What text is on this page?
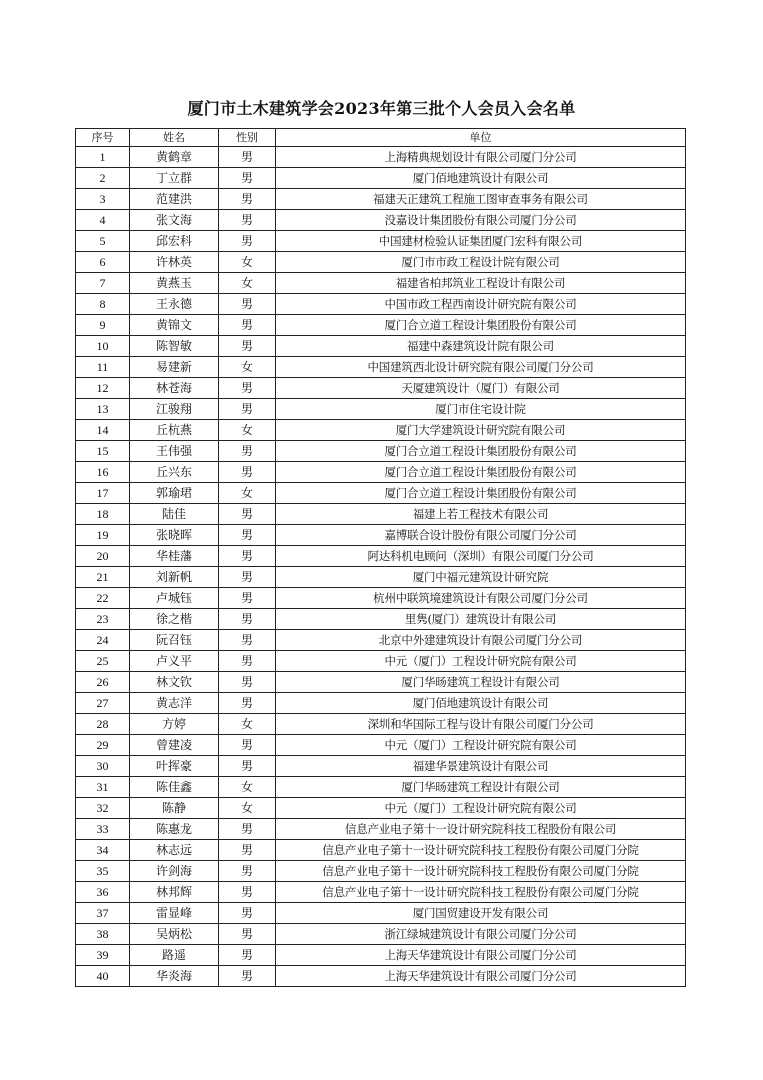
厦门市土木建筑学会2023年第三批个人会员入会名单
序号	姓名	性别	单位
1	黄鹤章	男	上海精典规划设计有限公司厦门分公司
2	丁立群	男	厦门佰地建筑设计有限公司
3	范建洪	男	福建天正建筑工程施工图审查事务有限公司
4	张文海	男	没嘉设计集团股份有限公司厦门分公司
5	邱宏科	男	中国建材检验认证集团厦门宏科有限公司
6	许林英	女	厦门市市政工程设计院有限公司
7	黄燕玉	女	福建省柏邦筑业工程设计有限公司
8	王永德	男	中国市政工程西南设计研究院有限公司
9	黄锦文	男	厦门合立道工程设计集团股份有限公司
10	陈智敏	男	福建中森建筑设计院有限公司
11	易建新	女	中国建筑西北设计研究院有限公司厦门分公司
12	林苍海	男	天厦建筑设计（厦门）有限公司
13	江骏翔	男	厦门市住宅设计院
14	丘杭燕	女	厦门大学建筑设计研究院有限公司
15	王伟强	男	厦门合立道工程设计集团股份有限公司
16	丘兴东	男	厦门合立道工程设计集团股份有限公司
17	郭瑜珺	女	厦门合立道工程设计集团股份有限公司
18	陆佳	男	福建上若工程技术有限公司
19	张晓晖	男	嘉博联合设计股份有限公司厦门分公司
20	华桂藩	男	阿达科机电顾问（深圳）有限公司厦门分公司
21	刘新帆	男	厦门中福元建筑设计研究院
22	卢城钰	男	杭州中联筑境建筑设计有限公司厦门分公司
23	徐之楷	男	里隽(厦门）建筑设计有限公司
24	阮召钰	男	北京中外建建筑设计有限公司厦门分公司
25	卢义平	男	中元（厦门）工程设计研究院有限公司
26	林文钦	男	厦门华旸建筑工程设计有限公司
27	黄志洋	男	厦门佰地建筑设计有限公司
28	方婷	女	深圳和华国际工程与设计有限公司厦门分公司
29	曾建凌	男	中元（厦门）工程设计研究院有限公司
30	叶挥豪	男	福建华景建筑设计有限公司
31	陈佳鑫	女	厦门华旸建筑工程设计有限公司
32	陈静	女	中元（厦门）工程设计研究院有限公司
33	陈惠龙	男	信息产业电子第十一设计研究院科技工程股份有限公司
34	林志远	男	信息产业电子第十一设计研究院科技工程股份有限公司厦门分院
35	许剑海	男	信息产业电子第十一设计研究院科技工程股份有限公司厦门分院
36	林邦辉	男	信息产业电子第十一设计研究院科技工程股份有限公司厦门分院
37	雷显峰	男	厦门国贸建设开发有限公司
38	吴炳松	男	浙江绿城建筑设计有限公司厦门分公司
39	路遥	男	上海天华建筑设计有限公司厦门分公司
40	华炎海	男	上海天华建筑设计有限公司厦门分公司
